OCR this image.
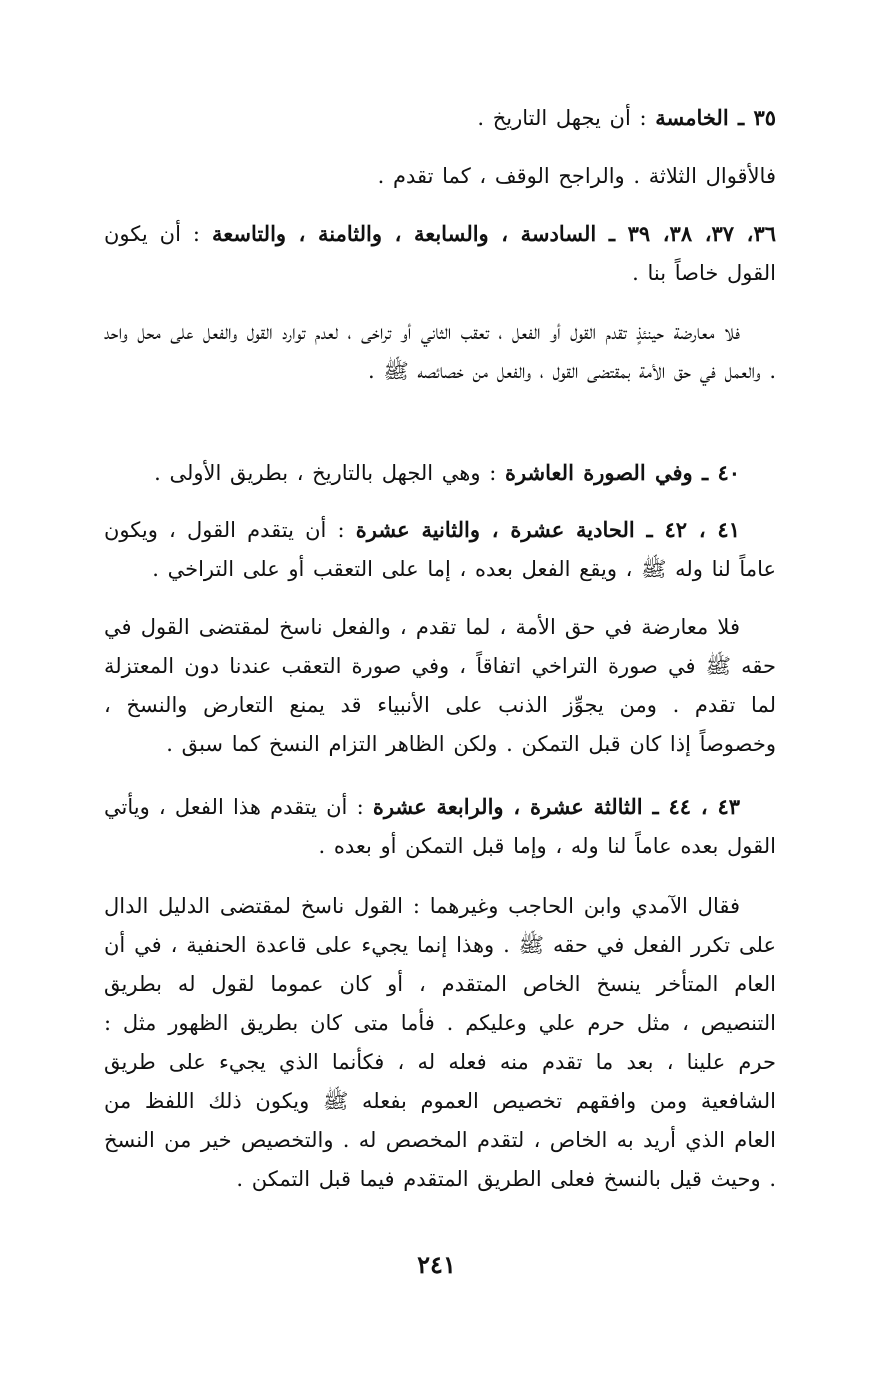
٣٥ ـ الخامسة : أن يجهل التاريخ .

فالأقوال الثلاثة . والراجح الوقف ، كما تقدم .

٣٦، ٣٧، ٣٨، ٣٩ ـ السادسة ، والسابعة ، والثامنة ، والتاسعة : أن يكون القول خاصاً بنا .

فلا معارضة حينئذٍ تقدم القول أو الفعل ، تعقب الثاني أو تراخى ، لعدم توارد القول والفعل على محل واحد . والعمل في حق الأمة بمقتضى القول ، والفعل من خصائصه ﷺ .

٤٠ ـ وفي الصورة العاشرة : وهي الجهل بالتاريخ ، بطريق الأولى .

٤١ ، ٤٢ ـ الحادية عشرة ، والثانية عشرة : أن يتقدم القول ، ويكون عاماً لنا وله ﷺ ، ويقع الفعل بعده ، إما على التعقب أو على التراخي .

فلا معارضة في حق الأمة ، لما تقدم ، والفعل ناسخ لمقتضى القول في حقه ﷺ في صورة التراخي اتفاقاً ، وفي صورة التعقب عندنا دون المعتزلة لما تقدم . ومن يجوِّز الذنب على الأنبياء قد يمنع التعارض والنسخ ، وخصوصاً إذا كان قبل التمكن . ولكن الظاهر التزام النسخ كما سبق .

٤٣ ، ٤٤ ـ الثالثة عشرة ، والرابعة عشرة : أن يتقدم هذا الفعل ، ويأتي القول بعده عاماً لنا وله ، وإما قبل التمكن أو بعده .

فقال الآمدي وابن الحاجب وغيرهما : القول ناسخ لمقتضى الدليل الدال على تكرر الفعل في حقه ﷺ . وهذا إنما يجيء على قاعدة الحنفية ، في أن العام المتأخر ينسخ الخاص المتقدم ، أو كان عموما لقول له بطريق التنصيص ، مثل حرم علي وعليكم . فأما متى كان بطريق الظهور مثل : حرم علينا ، بعد ما تقدم منه فعله له ، فكأنما الذي يجيء على طريق الشافعية ومن وافقهم تخصيص العموم بفعله ﷺ ويكون ذلك اللفظ من العام الذي أريد به الخاص ، لتقدم المخصص له . والتخصيص خير من النسخ . وحيث قيل بالنسخ فعلى الطريق المتقدم فيما قبل التمكن .

٢٤١
